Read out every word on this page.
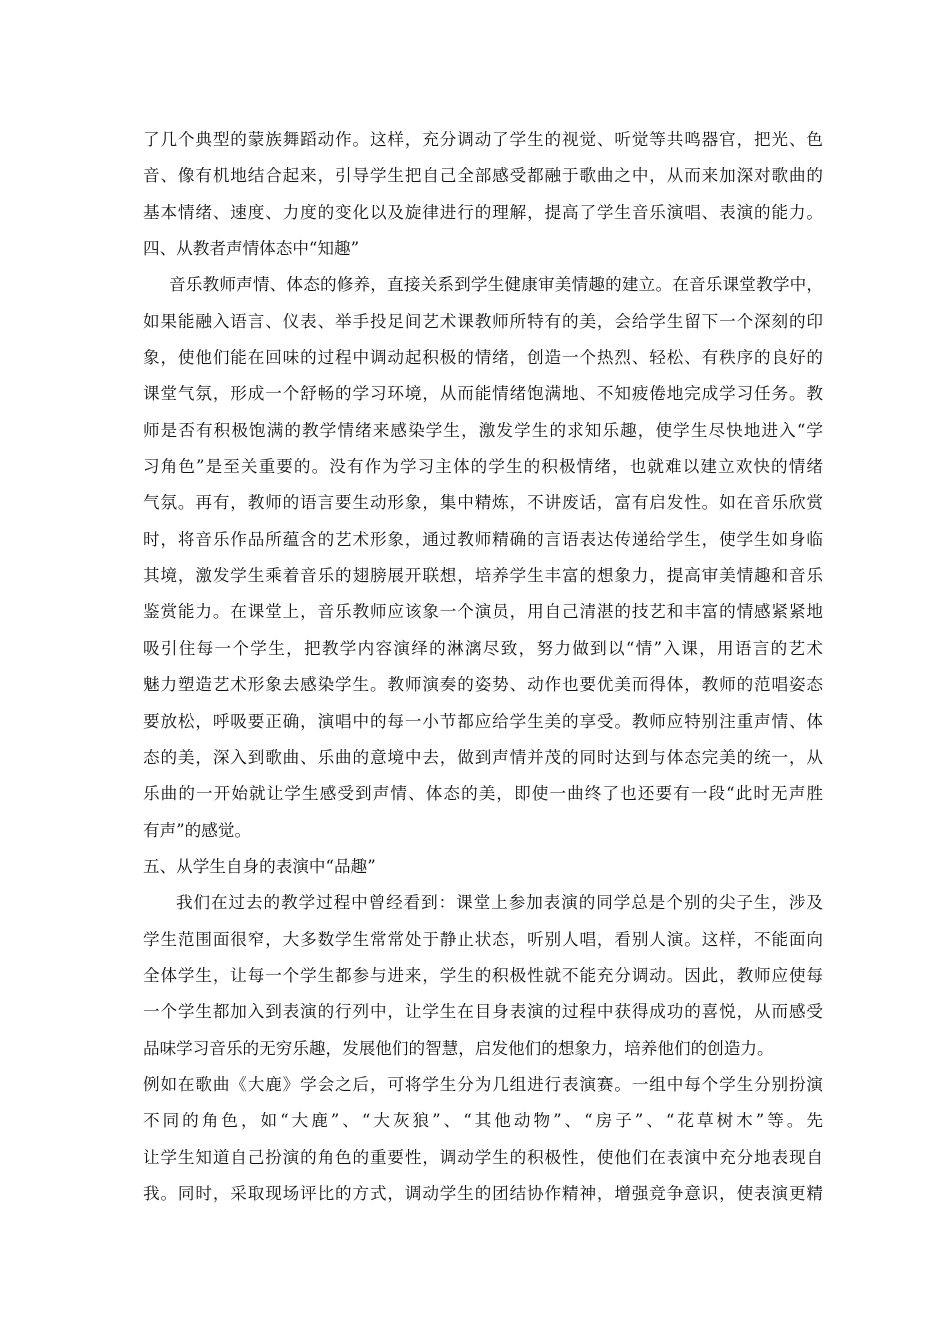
了几个典型的蒙族舞蹈动作。这样，充分调动了学生的视觉、听觉等共鸣器官，把光、色
音、像有机地结合起来，引导学生把自己全部感受都融于歌曲之中，从而来加深对歌曲的
基本情绪、速度、力度的变化以及旋律进行的理解，提高了学生音乐演唱、表演的能力。
四、从教者声情体态中“知趣”
音乐教师声情、体态的修养，直接关系到学生健康审美情趣的建立。在音乐课堂教学中，
如果能融入语言、仪表、举手投足间艺术课教师所特有的美，会给学生留下一个深刻的印
象，使他们能在回味的过程中调动起积极的情绪，创造一个热烈、轻松、有秩序的良好的
课堂气氛，形成一个舒畅的学习环境，从而能情绪饱满地、不知疲倦地完成学习任务。教
师是否有积极饱满的教学情绪来感染学生，激发学生的求知乐趣，使学生尽快地进入“学
习角色”是至关重要的。没有作为学习主体的学生的积极情绪，也就难以建立欢快的情绪
气氛。再有，教师的语言要生动形象，集中精炼，不讲废话，富有启发性。如在音乐欣赏
时，将音乐作品所蕴含的艺术形象，通过教师精确的言语表达传递给学生，使学生如身临
其境，激发学生乘着音乐的翅膀展开联想，培养学生丰富的想象力，提高审美情趣和音乐
鉴赏能力。在课堂上，音乐教师应该象一个演员，用自己清湛的技艺和丰富的情感紧紧地
吸引住每一个学生，把教学内容演绎的淋漓尽致，努力做到以“情”入课，用语言的艺术
魅力塑造艺术形象去感染学生。教师演奏的姿势、动作也要优美而得体，教师的范唱姿态
要放松，呼吸要正确，演唱中的每一小节都应给学生美的享受。教师应特别注重声情、体
态的美，深入到歌曲、乐曲的意境中去，做到声情并茂的同时达到与体态完美的统一，从
乐曲的一开始就让学生感受到声情、体态的美，即使一曲终了也还要有一段“此时无声胜
有声”的感觉。
五、从学生自身的表演中“品趣”
我们在过去的教学过程中曾经看到：课堂上参加表演的同学总是个别的尖子生，涉及
学生范围面很窄，大多数学生常常处于静止状态，听别人唱，看别人演。这样，不能面向
全体学生，让每一个学生都参与进来，学生的积极性就不能充分调动。因此，教师应使每
一个学生都加入到表演的行列中，让学生在目身表演的过程中获得成功的喜悦，从而感受
品味学习音乐的无穷乐趣，发展他们的智慧，启发他们的想象力，培养他们的创造力。
例如在歌曲《大鹿》学会之后，可将学生分为几组进行表演赛。一组中每个学生分别扮演
不同的角色，如“大鹿”、“大灰狼”、“其他动物”、“房子”、“花草树木”等。先
让学生知道自己扮演的角色的重要性，调动学生的积极性，使他们在表演中充分地表现自
我。同时，采取现场评比的方式，调动学生的团结协作精神，增强竞争意识，使表演更精
